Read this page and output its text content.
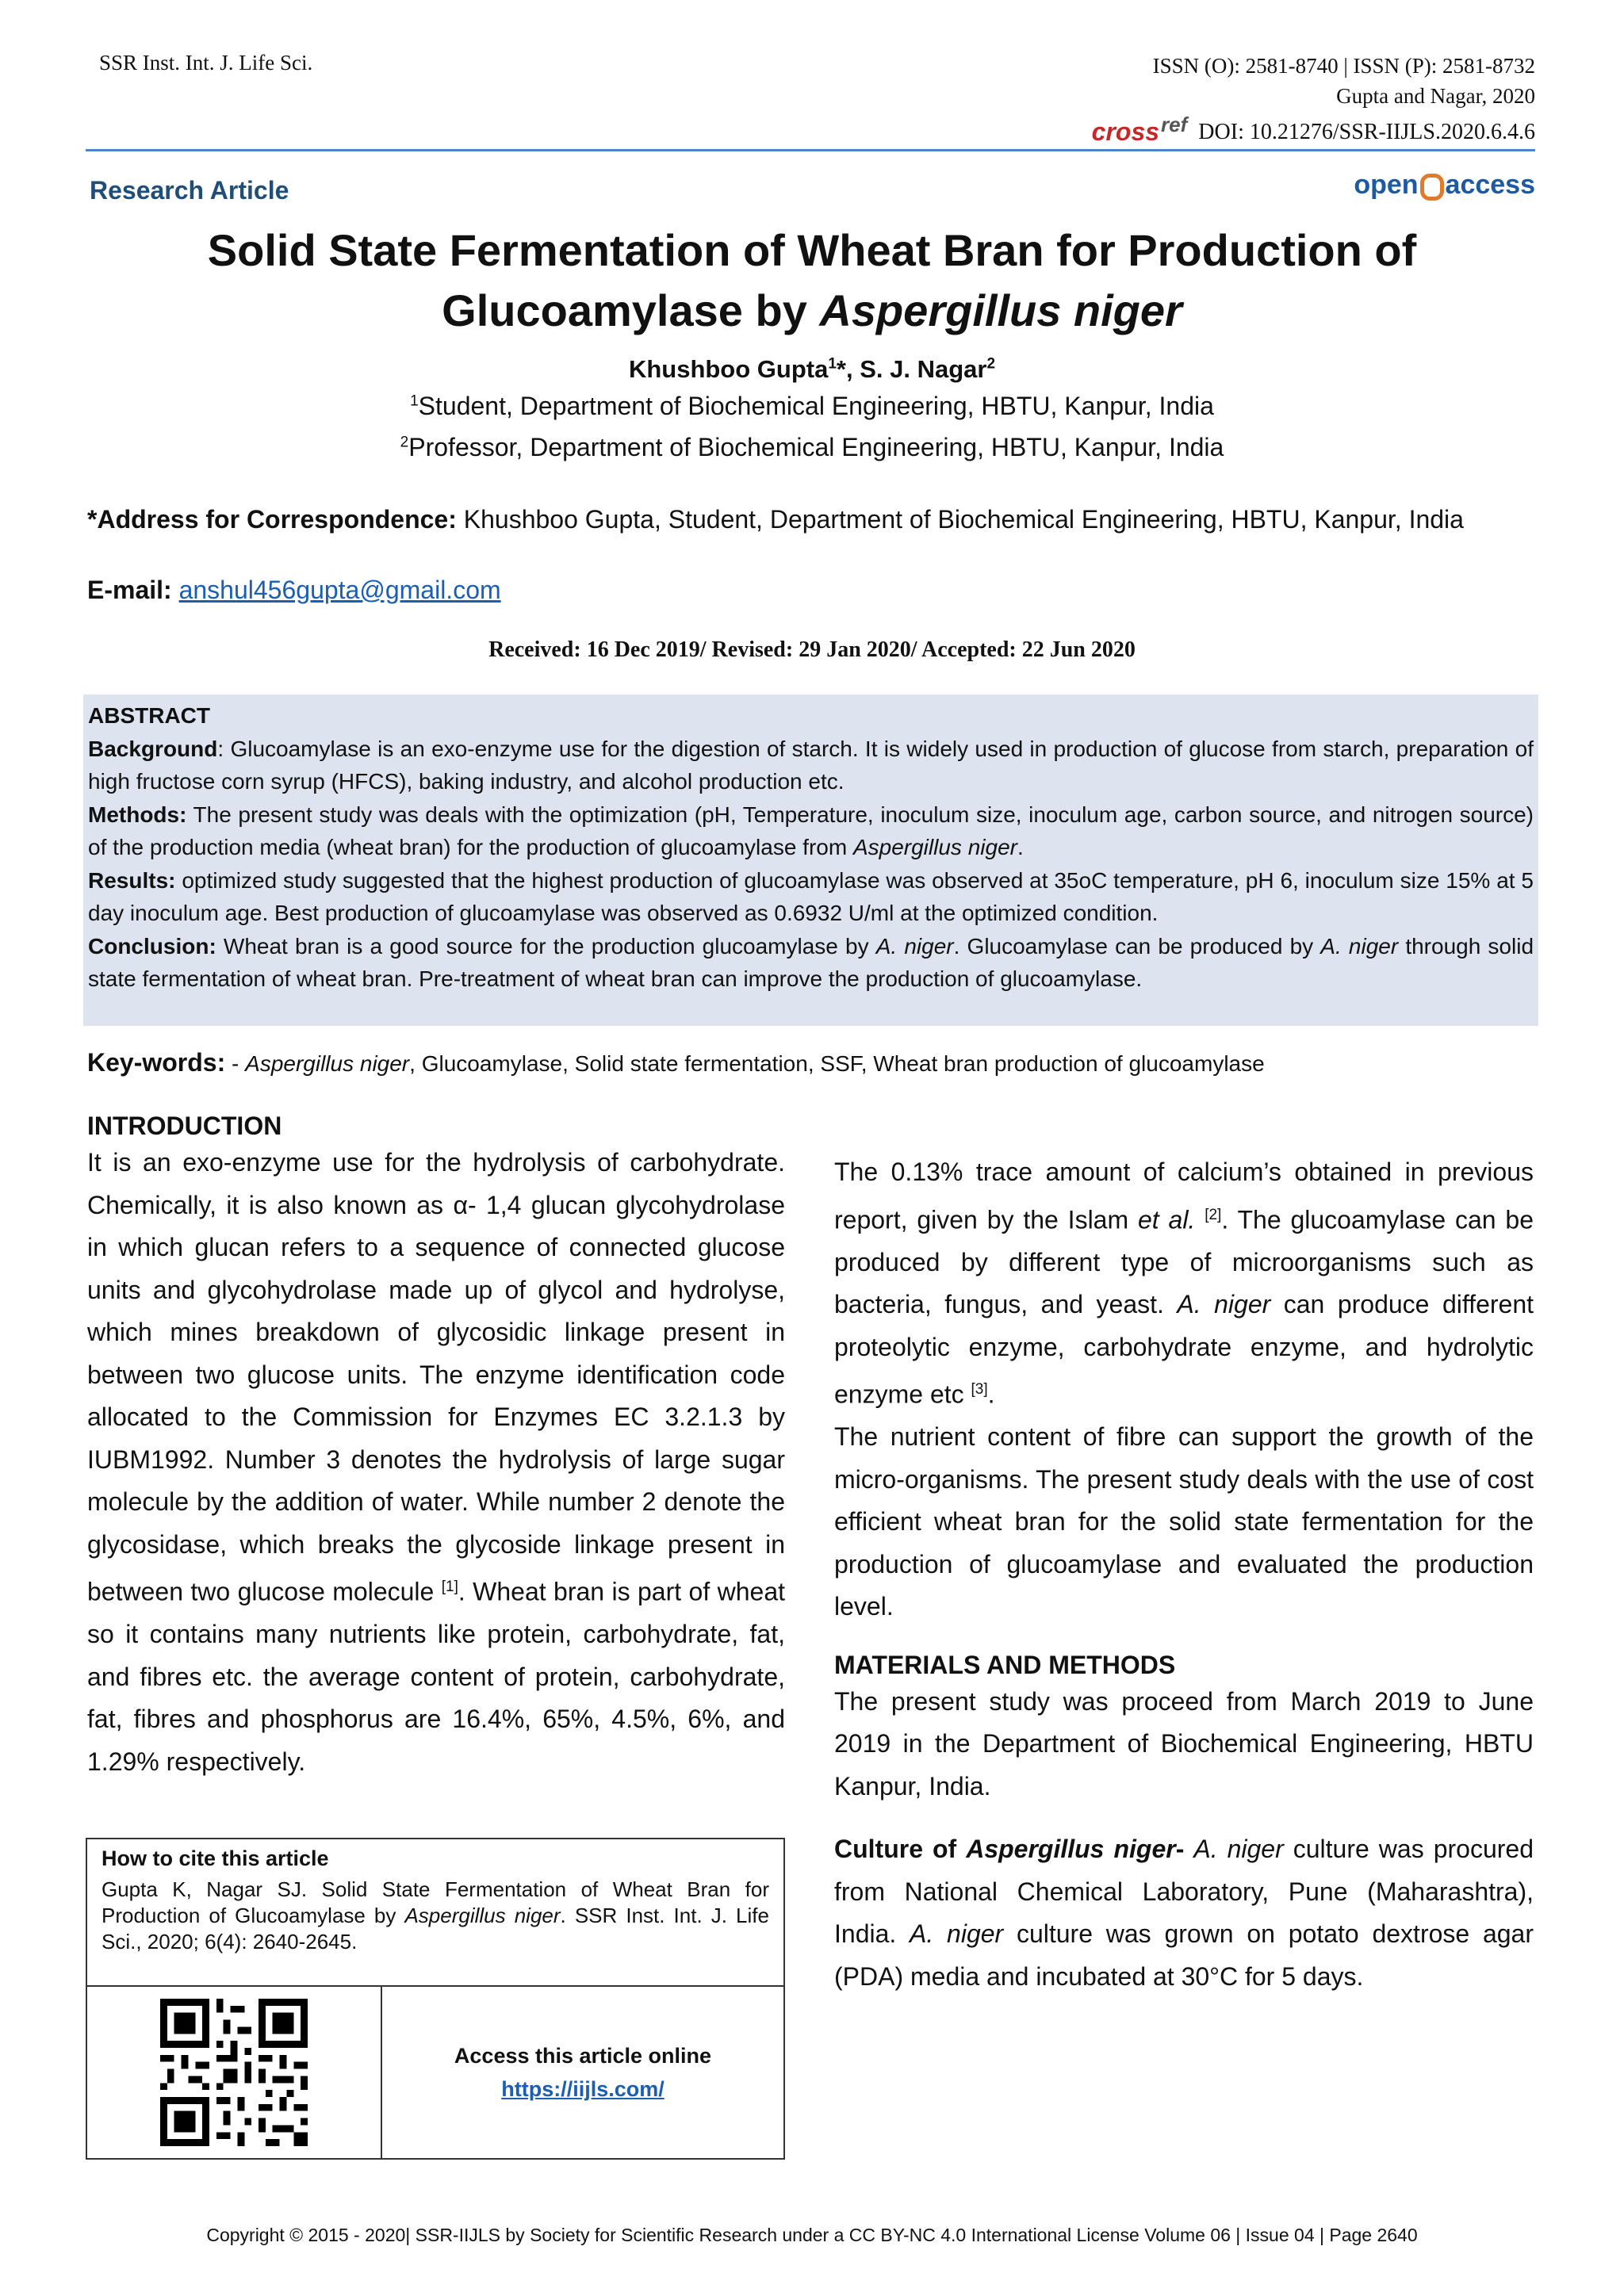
SSR Inst. Int. J. Life Sci.	ISSN (O): 2581-8740 | ISSN (P): 2581-8732
Gupta and Nagar, 2020
cross ref DOI: 10.21276/SSR-IIJLS.2020.6.4.6
Research Article	open access
Solid State Fermentation of Wheat Bran for Production of
Glucoamylase by Aspergillus niger
Khushboo Gupta$^1$*, S. J. Nagar$^2$
$^1$Student, Department of Biochemical Engineering, HBTU, Kanpur, India
$^2$Professor, Department of Biochemical Engineering, HBTU, Kanpur, India
*Address for Correspondence: Khushboo Gupta, Student, Department of Biochemical Engineering, HBTU, Kanpur, India
E-mail: anshul456gupta@gmail.com
Received: 16 Dec 2019/ Revised: 29 Jan 2020/ Accepted: 22 Jun 2020

ABSTRACT

Background: Glucoamylase is an exo-enzyme use for the digestion of starch. It is widely used in production of glucose from starch, preparation of high fructose corn syrup (HFCS), baking industry, and alcohol production etc.

Methods: The present study was deals with the optimization (pH, Temperature, inoculum size, inoculum age, carbon source, and nitrogen source) of the production media (wheat bran) for the production of glucoamylase from Aspergillus niger.

Results: optimized study suggested that the highest production of glucoamylase was observed at 35oC temperature, pH 6, inoculum size 15% at 5 day inoculum age. Best production of glucoamylase was observed as 0.6932 U/ml at the optimized condition.

Conclusion: Wheat bran is a good source for the production glucoamylase by A. niger. Glucoamylase can be produced by A. niger through solid state fermentation of wheat bran. Pre-treatment of wheat bran can improve the production of glucoamylase.

Key-words: - Aspergillus niger, Glucoamylase, Solid state fermentation, SSF, Wheat bran production of glucoamylase
INTRODUCTION

It is an exo-enzyme use for the hydrolysis of carbohydrate. Chemically, it is also known as α- 1,4 glucan glycohydrolase in which glucan refers to a sequence of connected glucose units and glycohydrolase made up of glycol and hydrolyse, which mines breakdown of glycosidic linkage present in between two glucose units. The enzyme identification code allocated to the Commission for Enzymes EC 3.2.1.3 by IUBM1992. Number 3 denotes the hydrolysis of large sugar molecule by the addition of water. While number 2 denote the glycosidase, which breaks the glycoside linkage present in between two glucose molecule [1]. Wheat bran is part of wheat so it contains many nutrients like protein, carbohydrate, fat, and fibres etc. the average content of protein, carbohydrate, fat, fibres and phosphorus are 16.4%, 65%, 4.5%, 6%, and 1.29% respectively.

The 0.13% trace amount of calcium’s obtained in previous report, given by the Islam et al. [2]. The glucoamylase can be produced by different type of microorganisms such as bacteria, fungus, and yeast. A. niger can produce different proteolytic enzyme, carbohydrate enzyme, and hydrolytic enzyme etc [3].

The nutrient content of fibre can support the growth of the micro-organisms. The present study deals with the use of cost efficient wheat bran for the solid state fermentation for the production of glucoamylase and evaluated the production level.

MATERIALS AND METHODS

The present study was proceed from March 2019 to June 2019 in the Department of Biochemical Engineering, HBTU Kanpur, India.

Culture of Aspergillus niger- A. niger culture was procured from National Chemical Laboratory, Pune (Maharashtra), India. A. niger culture was grown on potato dextrose agar (PDA) media and incubated at 30°C for 5 days.

How to cite this article
Gupta K, Nagar SJ. Solid State Fermentation of Wheat Bran for Production of Glucoamylase by Aspergillus niger. SSR Inst. Int. J. Life Sci., 2020; 6(4): 2640-2645.
Access this article online
https://iijls.com/
Copyright © 2015 - 2020| SSR-IIJLS by Society for Scientific Research under a CC BY-NC 4.0 International License Volume 06 | Issue 04 | Page 2640
